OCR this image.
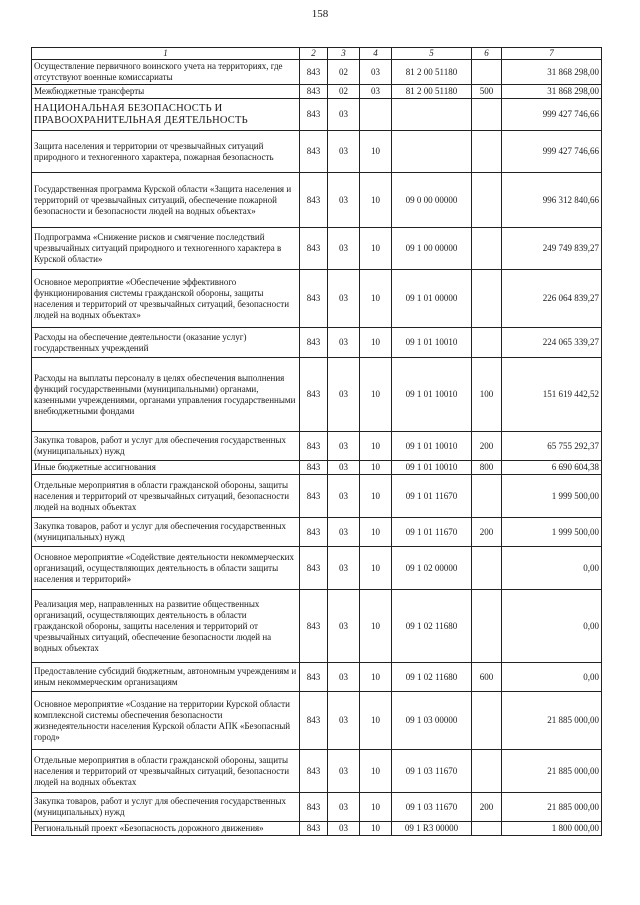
158
1	2	3	4	5	6	7
Осуществление первичного воинского учета на территориях, где отсутствуют военные комиссариаты	843	02	03	81 2 00 51180		31 868 298,00
Межбюджетные трансферты	843	02	03	81 2 00 51180	500	31 868 298,00
НАЦИОНАЛЬНАЯ БЕЗОПАСНОСТЬ И ПРАВООХРАНИТЕЛЬНАЯ ДЕЯТЕЛЬНОСТЬ	843	03				999 427 746,66
Защита населения и территории от чрезвычайных ситуаций природного и техногенного характера, пожарная безопасность	843	03	10			999 427 746,66
Государственная программа Курской области «Защита населения и территорий от чрезвычайных ситуаций, обеспечение пожарной безопасности и безопасности людей на водных объектах»	843	03	10	09 0 00 00000		996 312 840,66
Подпрограмма «Снижение рисков и смягчение последствий чрезвычайных ситуаций природного и техногенного характера в Курской области»	843	03	10	09 1 00 00000		249 749 839,27
Основное мероприятие «Обеспечение эффективного функционирования системы гражданской обороны, защиты населения и территорий от чрезвычайных ситуаций, безопасности людей на водных объектах»	843	03	10	09 1 01 00000		226 064 839,27
Расходы на обеспечение деятельности (оказание услуг) государственных учреждений	843	03	10	09 1 01 10010		224 065 339,27
Расходы на выплаты персоналу в целях обеспечения выполнения функций государственными (муниципальными) органами, казенными учреждениями, органами управления государственными внебюджетными фондами	843	03	10	09 1 01 10010	100	151 619 442,52
Закупка товаров, работ и услуг для обеспечения государственных (муниципальных) нужд	843	03	10	09 1 01 10010	200	65 755 292,37
Иные бюджетные ассигнования	843	03	10	09 1 01 10010	800	6 690 604,38
Отдельные мероприятия в области гражданской обороны, защиты населения и территорий от чрезвычайных ситуаций, безопасности людей на водных объектах	843	03	10	09 1 01 11670		1 999 500,00
Закупка товаров, работ и услуг для обеспечения государственных (муниципальных) нужд	843	03	10	09 1 01 11670	200	1 999 500,00
Основное мероприятие «Содействие деятельности некоммерческих организаций, осуществляющих деятельность в области защиты населения и территорий»	843	03	10	09 1 02 00000		0,00
Реализация мер, направленных на развитие общественных организаций, осуществляющих деятельность в области гражданской обороны, защиты населения и территорий от чрезвычайных ситуаций, обеспечение безопасности людей на водных объектах	843	03	10	09 1 02 11680		0,00
Предоставление субсидий бюджетным, автономным учреждениям и иным некоммерческим организациям	843	03	10	09 1 02 11680	600	0,00
Основное мероприятие «Создание на территории Курской области комплексной системы обеспечения безопасности жизнедеятельности населения Курской области АПК «Безопасный город»	843	03	10	09 1 03 00000		21 885 000,00
Отдельные мероприятия в области гражданской обороны, защиты населения и территорий от чрезвычайных ситуаций, безопасности людей на водных объектах	843	03	10	09 1 03 11670		21 885 000,00
Закупка товаров, работ и услуг для обеспечения государственных (муниципальных) нужд	843	03	10	09 1 03 11670	200	21 885 000,00
Региональный проект «Безопасность дорожного движения»	843	03	10	09 1 R3 00000		1 800 000,00
